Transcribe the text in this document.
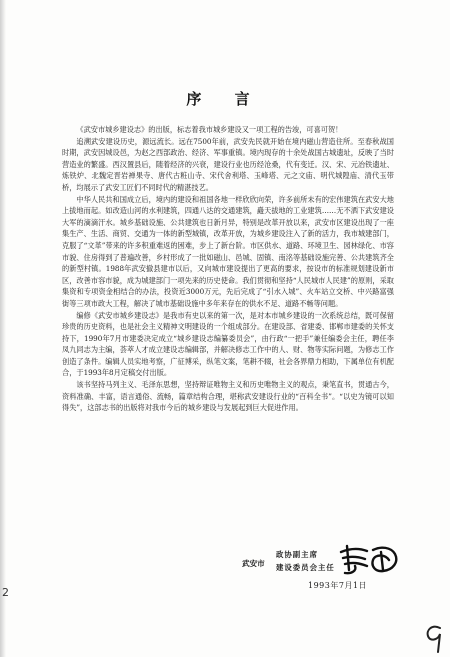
序 言

《武安市城乡建设志》的出版，标志着我市城乡建设又一项工程的告竣，可喜可贺！

追溯武安建设历史，源远流长。远在7500年前，武安先民就开始在境内磁山营造住所。至春秋战国时期，武安因城设邑，为赵之西部政治、经济、军事重镇。境内现存的十余处战国古城遗址，反映了当时营造业的繁盛。西汉置县后，随着经济的兴衰，建设行业也历经沧桑，代有变迁。汉、宋、元冶铁遗址、炼铁炉、北魏定晋岩禅果寺、唐代古粧山寺、宋代舍利塔、玉峰塔、元之文庙、明代城隍庙、清代玉带桥，均展示了武安工匠们不同时代的精湛技艺。

中华人民共和国成立后，境内的建设和祖国各地一样欣欣向荣，许多前所未有的宏伟建筑在武安大地上拔地而起。如改造山河的水利建筑，四通八达的交通建筑，矗天拔地的工业建筑……无不洒下武安建设大军的滴滴汗水。城乡基础设施、公共建筑也日新月异，特别是改革开放以来，武安市区建设出现了一座集生产、生活、商贸、交通为一体的新型城镇，改革开放，为城乡建设注入了新的活力，我市城建部门，克服了“文革”带来的许多积重难返的困难，步上了新台阶。市区供水、道路、环境卫生、园林绿化、市容市貌、住房得到了普遍改善，乡村形成了一批如磁山、邑城、固镇、南洺等基础设施完善、公共建筑齐全的新型村镇。1988年武安撤县建市以后，又向城市建设提出了更高的要求，按设市的标准规划建设新市区，改善市容市貌，成为城建部门一项先来的历史使命。我们贯彻和坚持“人民城市人民建”的原则，采取集资和专项资金相结合的办法，投资近3000万元，先后完成了“引水入城”、火车站立交桥、中兴路富强街等三项市政大工程，解决了城市基础设施中多年来存在的供水不足、道路不畅等问题。

编修《武安市城乡建设志》是我市有史以来的第一次，是对本市城乡建设的一次系统总结，既可保留珍贵的历史资料，也是社会主义精神文明建设的一个组成部分。在建设部、省建委、邯郸市建委的关怀支持下，1990年7月市建委决定成立“城乡建设志编纂委员会”，由行政“一把手”兼任编委会主任，聘任李凤九同志为主编，荟萃人才成立建设志编辑部，并解决修志工作中的人、财、物等实际问题，为修志工作创造了条件。编辑人员实地考察，广征博采，纵笔文案，笔耕不辍，社会各界鼎力相助，下属单位有机配合，于1993年8月定稿交付出版。

该书坚持马列主义、毛泽东思想，坚持辩证唯物主义和历史唯物主义的观点，秉笔直书，贯通古今，资料准确、丰富，语言通俗、流畅，篇章结构合理，堪称武安建设行业的“百科全书”。“以史为镜可以知得失”，这部志书的出版将对我市今后的城乡建设与发展起到巨大促进作用。

武安市
政协副主席
建设委员会主任
1993年7月1日
2
